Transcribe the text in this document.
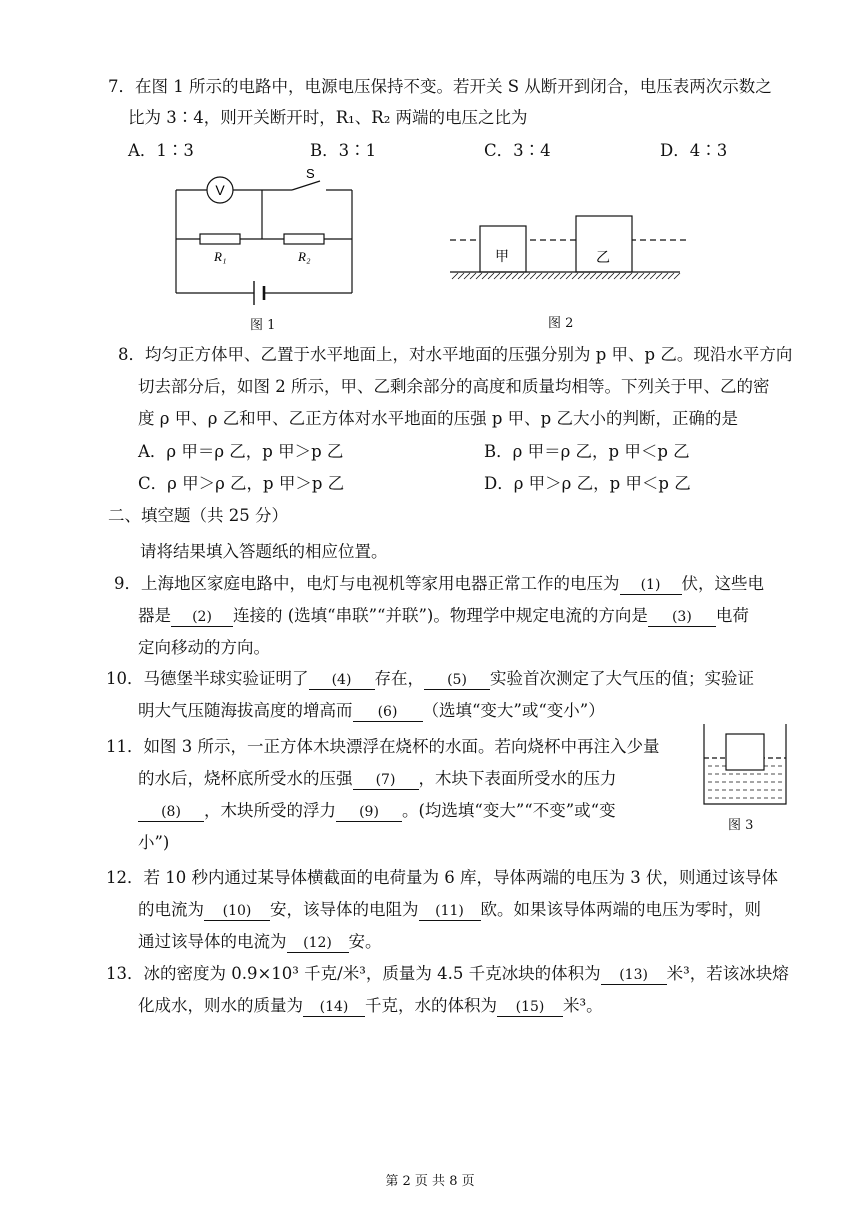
7．在图 1 所示的电路中，电源电压保持不变。若开关 S 从断开到闭合，电压表两次示数之
比为 3∶4，则开关断开时，R₁、R₂ 两端的电压之比为
A．1∶3	B．3∶1	C．3∶4	D．4∶3
V
S
R₁	R₂
图 1
甲	乙
图 2
8．均匀正方体甲、乙置于水平地面上，对水平地面的压强分别为 p 甲、p 乙。现沿水平方向
切去部分后，如图 2 所示，甲、乙剩余部分的高度和质量均相等。下列关于甲、乙的密
度 ρ 甲、ρ 乙和甲、乙正方体对水平地面的压强 p 甲、p 乙大小的判断，正确的是
A．ρ 甲＝ρ 乙，p 甲＞p 乙	B．ρ 甲＝ρ 乙，p 甲＜p 乙
C．ρ 甲＞ρ 乙，p 甲＞p 乙	D．ρ 甲＞ρ 乙，p 甲＜p 乙
二、填空题（共 25 分）
请将结果填入答题纸的相应位置。
9．上海地区家庭电路中，电灯与电视机等家用电器正常工作的电压为 (1) 伏，这些电
器是 (2) 连接的 (选填“串联”“并联”)。物理学中规定电流的方向是 (3) 电荷
定向移动的方向。
10．马德堡半球实验证明了 (4) 存在， (5) 实验首次测定了大气压的值；实验证
明大气压随海拔高度的增高而 (6) （选填“变大”或“变小”）
11．如图 3 所示，一正方体木块漂浮在烧杯的水面。若向烧杯中再注入少量
的水后，烧杯底所受水的压强 (7) ，木块下表面所受水的压力
(8) ，木块所受的浮力 (9) 。(均选填“变大”“不变”或“变
小”)
图 3
12．若 10 秒内通过某导体横截面的电荷量为 6 库，导体两端的电压为 3 伏，则通过该导体
的电流为 (10) 安，该导体的电阻为 (11) 欧。如果该导体两端的电压为零时，则
通过该导体的电流为 (12) 安。
13．冰的密度为 0.9×10³ 千克/米³，质量为 4.5 千克冰块的体积为 (13) 米³，若该冰块熔
化成水，则水的质量为 (14) 千克，水的体积为 (15) 米³。
第 2 页 共 8 页
